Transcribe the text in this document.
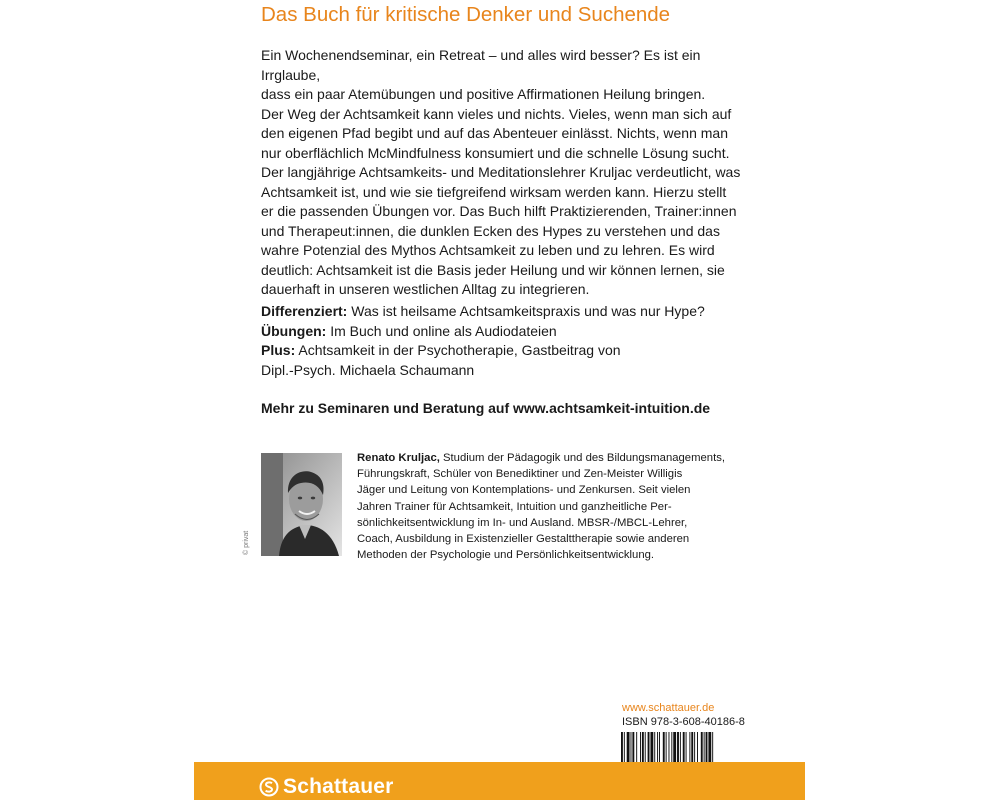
Das Buch für kritische Denker und Suchende

Ein Wochenendseminar, ein Retreat – und alles wird besser? Es ist ein Irrglaube,
dass ein paar Atemübungen und positive Affirmationen Heilung bringen.
Der Weg der Achtsamkeit kann vieles und nichts. Vieles, wenn man sich auf
den eigenen Pfad begibt und auf das Abenteuer einlässt. Nichts, wenn man
nur oberflächlich McMindfulness konsumiert und die schnelle Lösung sucht.
Der langjährige Achtsamkeits- und Meditationslehrer Kruljac verdeutlicht, was
Achtsamkeit ist, und wie sie tiefgreifend wirksam werden kann. Hierzu stellt
er die passenden Übungen vor. Das Buch hilft Praktizierenden, Trainer:innen
und Therapeut:innen, die dunklen Ecken des Hypes zu verstehen und das
wahre Potenzial des Mythos Achtsamkeit zu leben und zu lehren. Es wird
deutlich: Achtsamkeit ist die Basis jeder Heilung und wir können lernen, sie
dauerhaft in unseren westlichen Alltag zu integrieren.

Differenziert: Was ist heilsame Achtsamkeitspraxis und was nur Hype?
Übungen: Im Buch und online als Audiodateien
Plus: Achtsamkeit in der Psychotherapie, Gastbeitrag von
Dipl.-Psych. Michaela Schaumann

Mehr zu Seminaren und Beratung auf www.achtsamkeit-intuition.de

© privat

Renato Kruljac, Studium der Pädagogik und des Bildungsmanagements,
Führungskraft, Schüler von Benediktiner und Zen-Meister Willigis
Jäger und Leitung von Kontemplations- und Zenkursen. Seit vielen
Jahren Trainer für Achtsamkeit, Intuition und ganzheitliche Per-
sönlichkeitsentwicklung im In- und Ausland. MBSR-/MBCL-Lehrer,
Coach, Ausbildung in Existenzieller Gestalttherapie sowie anderen
Methoden der Psychologie und Persönlichkeitsentwicklung.

www.schattauer.de
ISBN 978-3-608-40186-8
Schattauer
